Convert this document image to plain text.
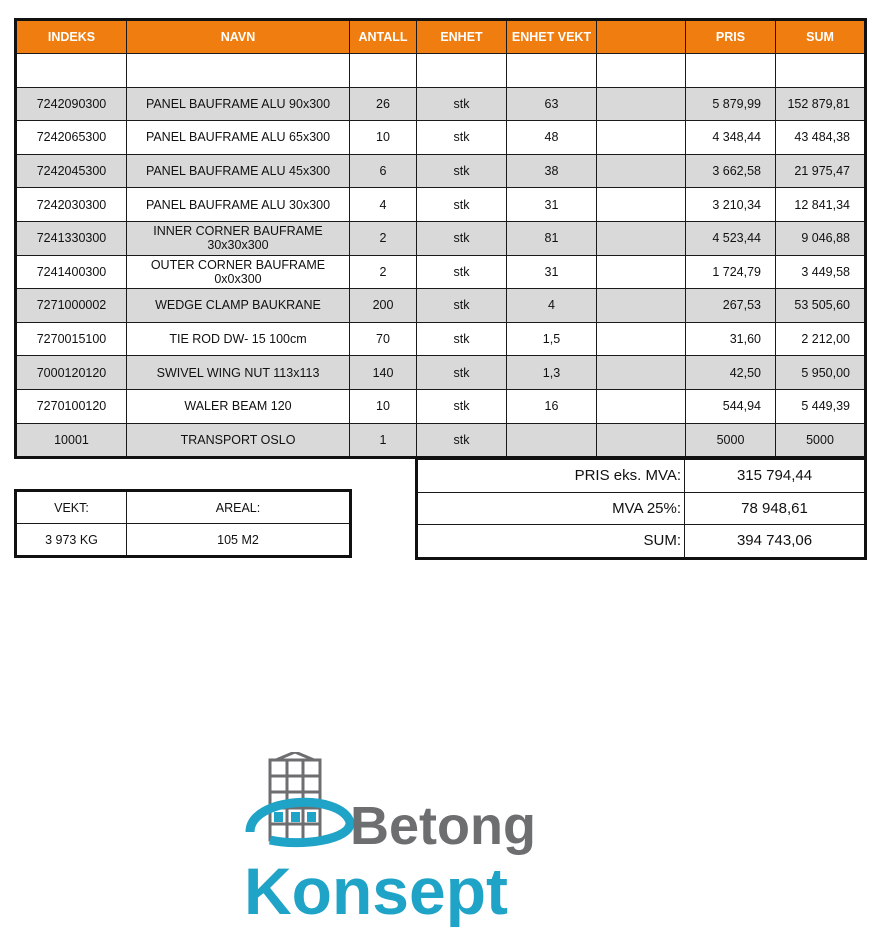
INDEKS	NAVN	ANTALL	ENHET	ENHET VEKT		PRIS	SUM

7242090300	PANEL BAUFRAME ALU 90x300	26	stk	63		5 879,99	152 879,81
7242065300	PANEL BAUFRAME ALU 65x300	10	stk	48		4 348,44	43 484,38
7242045300	PANEL BAUFRAME ALU 45x300	6	stk	38		3 662,58	21 975,47
7242030300	PANEL BAUFRAME ALU 30x300	4	stk	31		3 210,34	12 841,34
7241330300	INNER CORNER BAUFRAME 30x30x300	2	stk	81		4 523,44	9 046,88
7241400300	OUTER CORNER BAUFRAME 0x0x300	2	stk	31		1 724,79	3 449,58
7271000002	WEDGE CLAMP BAUKRANE	200	stk	4		267,53	53 505,60
7270015100	TIE ROD DW- 15 100cm	70	stk	1,5		31,60	2 212,00
7000120120	SWIVEL WING NUT 113x113	140	stk	1,3		42,50	5 950,00
7270100120	WALER BEAM 120	10	stk	16		544,94	5 449,39
10001	TRANSPORT OSLO	1	stk			5000	5000
PRIS eks. MVA:	315 794,44
MVA 25%:	78 948,61
SUM:	394 743,06
VEKT:	AREAL:
3 973 KG	105 M2
Betong
Konsept
